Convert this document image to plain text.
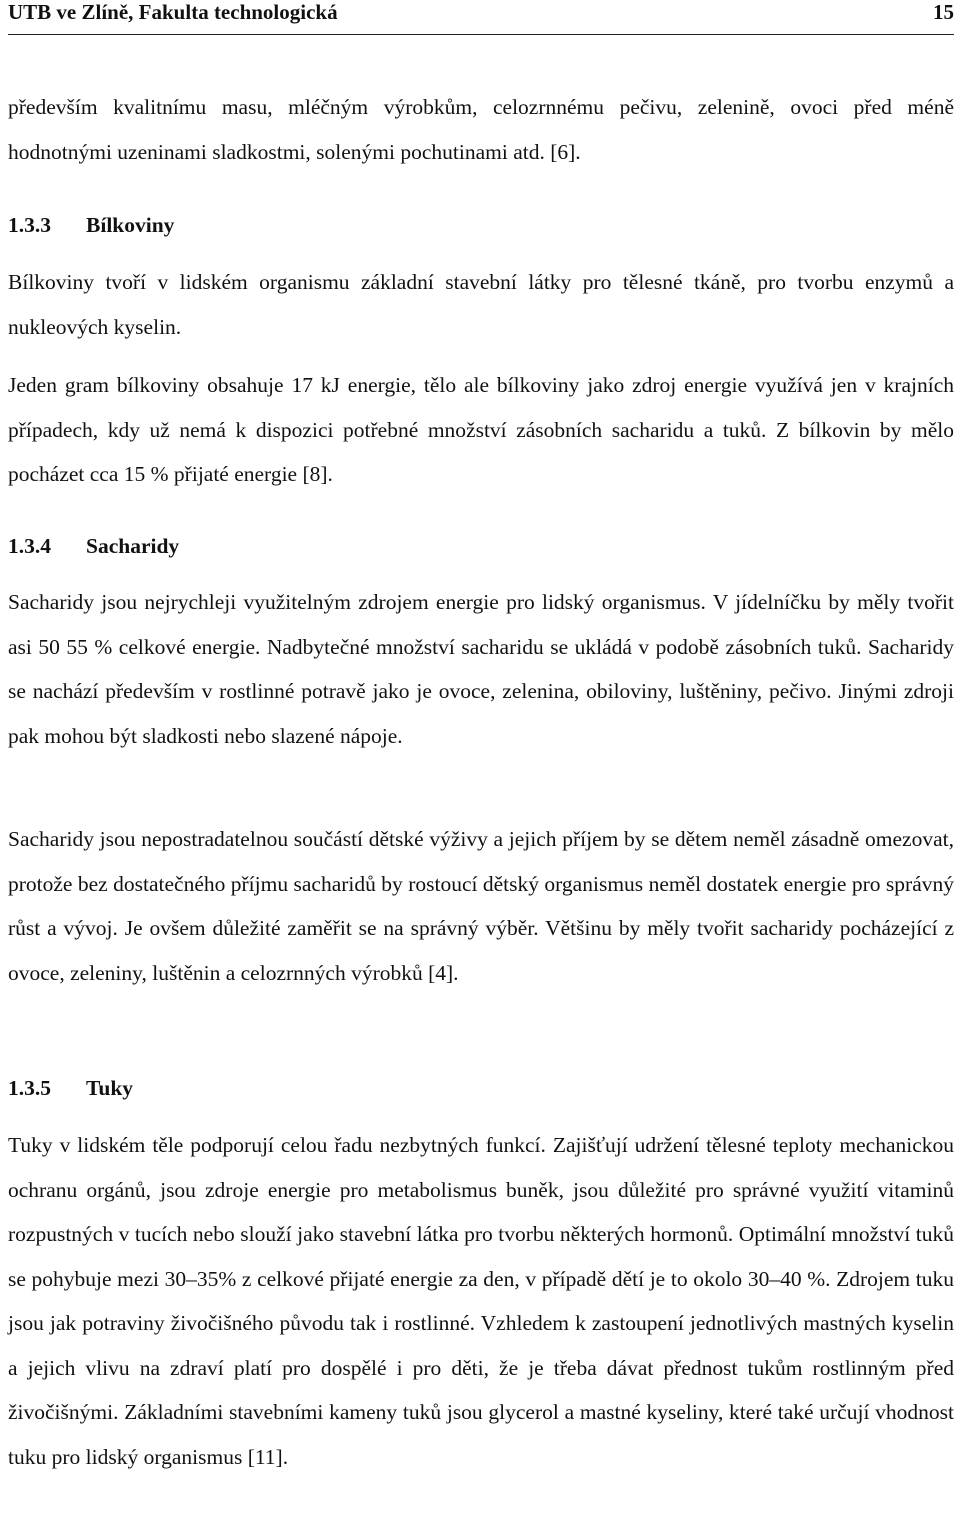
UTB ve Zlíně, Fakulta technologická	15

především kvalitnímu masu, mléčným výrobkům, celozrnnému pečivu, zelenině, ovoci před méně hodnotnými uzeninami sladkostmi, solenými pochutinami atd. [6].

1.3.3 Bílkoviny

Bílkoviny tvoří v lidském organismu základní stavební látky pro tělesné tkáně, pro tvorbu enzymů a nukleových kyselin.

Jeden gram bílkoviny obsahuje 17 kJ energie, tělo ale bílkoviny jako zdroj energie využívá jen v krajních případech, kdy už nemá k dispozici potřebné množství zásobních sacharidu a tuků. Z bílkovin by mělo pocházet cca 15 % přijaté energie [8].

1.3.4 Sacharidy

Sacharidy jsou nejrychleji využitelným zdrojem energie pro lidský organismus. V jídelníčku by měly tvořit asi 50 55 % celkové energie. Nadbytečné množství sacharidu se ukládá v podobě zásobních tuků. Sacharidy se nachází především v rostlinné potravě jako je ovoce, zelenina, obiloviny, luštěniny, pečivo. Jinými zdroji pak mohou být sladkosti nebo slazené nápoje.

Sacharidy jsou nepostradatelnou součástí dětské výživy a jejich příjem by se dětem neměl zásadně omezovat, protože bez dostatečného příjmu sacharidů by rostoucí dětský organismus neměl dostatek energie pro správný růst a vývoj. Je ovšem důležité zaměřit se na správný výběr. Většinu by měly tvořit sacharidy pocházející z ovoce, zeleniny, luštěnin a celozrnných výrobků [4].

1.3.5 Tuky

Tuky v lidském těle podporují celou řadu nezbytných funkcí. Zajišťují udržení tělesné teploty mechanickou ochranu orgánů, jsou zdroje energie pro metabolismus buněk, jsou důležité pro správné využití vitaminů rozpustných v tucích nebo slouží jako stavební látka pro tvorbu některých hormonů. Optimální množství tuků se pohybuje mezi 30–35% z celkové přijaté energie za den, v případě dětí je to okolo 30–40 %. Zdrojem tuku jsou jak potraviny živočišného původu tak i rostlinné. Vzhledem k zastoupení jednotlivých mastných kyselin a jejich vlivu na zdraví platí pro dospělé i pro děti, že je třeba dávat přednost tukům rostlinným před živočišnými. Základními stavebními kameny tuků jsou glycerol a mastné kyseliny, které také určují vhodnost tuku pro lidský organismus [11].
